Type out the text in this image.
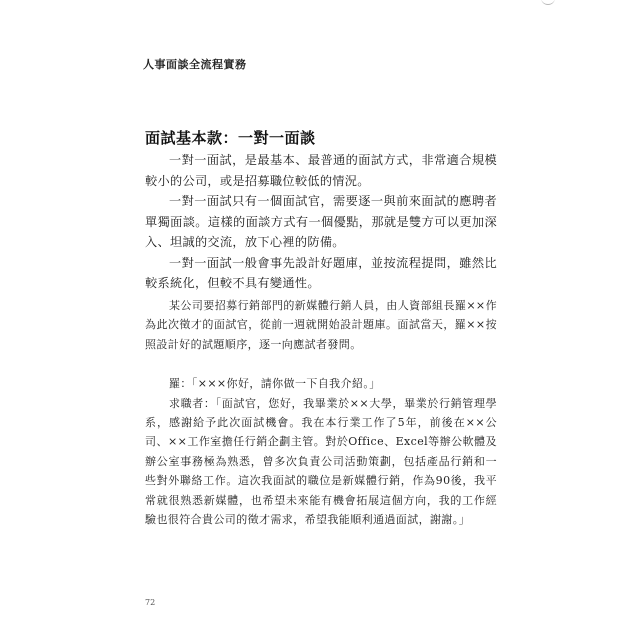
人事面談全流程實務
面試基本款：一對一面談

一對一面試，是最基本、最普通的面試方式，非常適合規模較小的公司，或是招募職位較低的情況。

一對一面試只有一個面試官，需要逐一與前來面試的應聘者單獨面談。這樣的面談方式有一個優點，那就是雙方可以更加深入、坦誠的交流，放下心裡的防備。

一對一面試一般會事先設計好題庫，並按流程提問，雖然比較系統化，但較不具有變通性。

某公司要招募行銷部門的新媒體行銷人員，由人資部組長羅××作為此次徵才的面試官，從前一週就開始設計題庫。面試當天，羅××按照設計好的試題順序，逐一向應試者發問。

羅：「×××你好，請你做一下自我介紹。」

求職者：「面試官，您好，我畢業於××大學，畢業於行銷管理學系，感謝給予此次面試機會。我在本行業工作了5年，前後在××公司、××工作室擔任行銷企劃主管。對於Office、Excel等辦公軟體及辦公室事務極為熟悉，曾多次負責公司活動策劃，包括產品行銷和一些對外聯絡工作。這次我面試的職位是新媒體行銷，作為90後，我平常就很熟悉新媒體，也希望未來能有機會拓展這個方向，我的工作經驗也很符合貴公司的徵才需求，希望我能順利通過面試，謝謝。」

72
